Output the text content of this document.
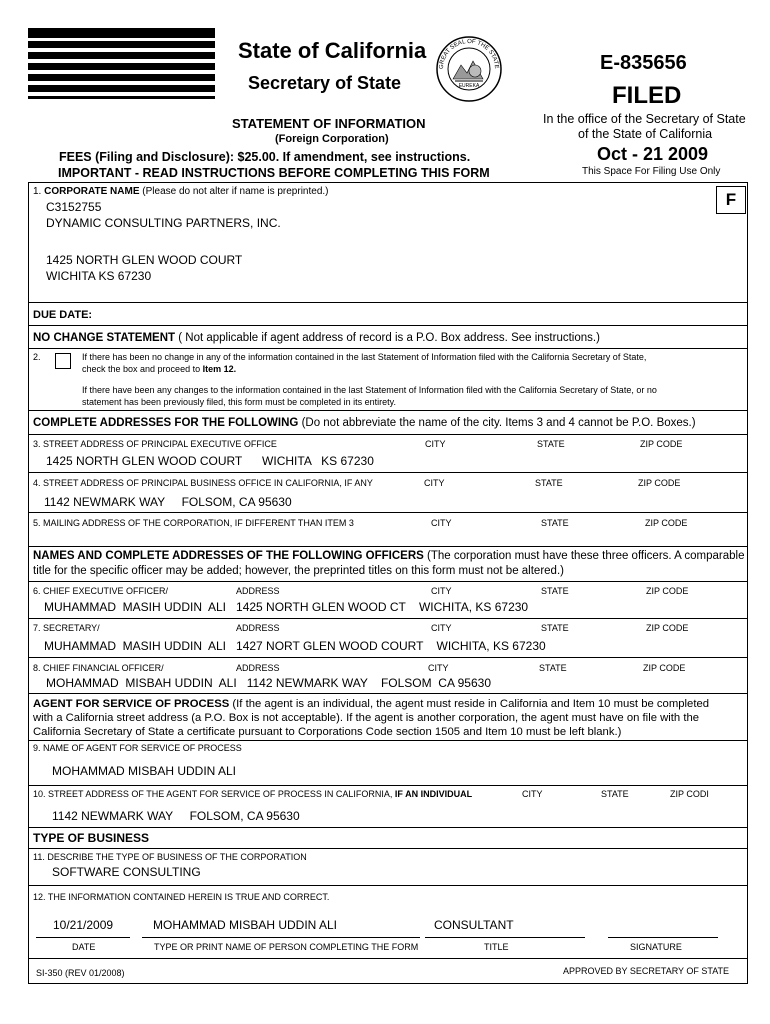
State of California
Secretary of State
GREAT SEAL OF THE STATE
EUREKA
E-835656
FILED
In the office of the Secretary of State
of the State of California
Oct - 21 2009
This Space For Filing Use Only
STATEMENT OF INFORMATION
(Foreign Corporation)
FEES (Filing and Disclosure): $25.00. If amendment, see instructions.
IMPORTANT - READ INSTRUCTIONS BEFORE COMPLETING THIS FORM
1. CORPORATE NAME (Please do not alter if name is preprinted.)
C3152755
DYNAMIC CONSULTING PARTNERS, INC.
1425 NORTH GLEN WOOD COURT
WICHITA KS 67230
F
DUE DATE:
NO CHANGE STATEMENT ( Not applicable if agent address of record is a P.O. Box address. See instructions.)
2.	If there has been no change in any of the information contained in the last Statement of Information filed with the California Secretary of State,
check the box and proceed to Item 12.
If there have been any changes to the information contained in the last Statement of Information filed with the California Secretary of State, or no
statement has been previously filed, this form must be completed in its entirety.
COMPLETE ADDRESSES FOR THE FOLLOWING (Do not abbreviate the name of the city. Items 3 and 4 cannot be P.O. Boxes.)
3. STREET ADDRESS OF PRINCIPAL EXECUTIVE OFFICE	CITY	STATE	ZIP CODE
1425 NORTH GLEN WOOD COURT      WICHITA   KS 67230
4. STREET ADDRESS OF PRINCIPAL BUSINESS OFFICE IN CALIFORNIA, IF ANY	CITY	STATE	ZIP CODE
1142 NEWMARK WAY     FOLSOM, CA 95630
5. MAILING ADDRESS OF THE CORPORATION, IF DIFFERENT THAN ITEM 3	CITY	STATE	ZIP CODE
NAMES AND COMPLETE ADDRESSES OF THE FOLLOWING OFFICERS (The corporation must have these three officers. A comparable
title for the specific officer may be added; however, the preprinted titles on this form must not be altered.)
6. CHIEF EXECUTIVE OFFICER/	ADDRESS	CITY	STATE	ZIP CODE
MUHAMMAD  MASIH UDDIN  ALI   1425 NORTH GLEN WOOD CT    WICHITA, KS 67230
7. SECRETARY/	ADDRESS	CITY	STATE	ZIP CODE
MUHAMMAD  MASIH UDDIN  ALI   1427 NORT GLEN WOOD COURT    WICHITA, KS 67230
8. CHIEF FINANCIAL OFFICER/	ADDRESS	CITY	STATE	ZIP CODE
MOHAMMAD  MISBAH UDDIN  ALI   1142 NEWMARK WAY    FOLSOM  CA 95630
AGENT FOR SERVICE OF PROCESS (If the agent is an individual, the agent must reside in California and Item 10 must be completed
with a California street address (a P.O. Box is not acceptable). If the agent is another corporation, the agent must have on file with the
California Secretary of State a certificate pursuant to Corporations Code section 1505 and Item 10 must be left blank.)
9. NAME OF AGENT FOR SERVICE OF PROCESS
MOHAMMAD MISBAH UDDIN ALI
10. STREET ADDRESS OF THE AGENT FOR SERVICE OF PROCESS IN CALIFORNIA, IF AN INDIVIDUAL	CITY	STATE	ZIP CODI
1142 NEWMARK WAY     FOLSOM, CA 95630
TYPE OF BUSINESS
11. DESCRIBE THE TYPE OF BUSINESS OF THE CORPORATION
SOFTWARE CONSULTING
12. THE INFORMATION CONTAINED HEREIN IS TRUE AND CORRECT.
10/21/2009	MOHAMMAD MISBAH UDDIN ALI	CONSULTANT
DATE	TYPE OR PRINT NAME OF PERSON COMPLETING THE FORM	TITLE	SIGNATURE
SI-350 (REV 01/2008)	APPROVED BY SECRETARY OF STATE
